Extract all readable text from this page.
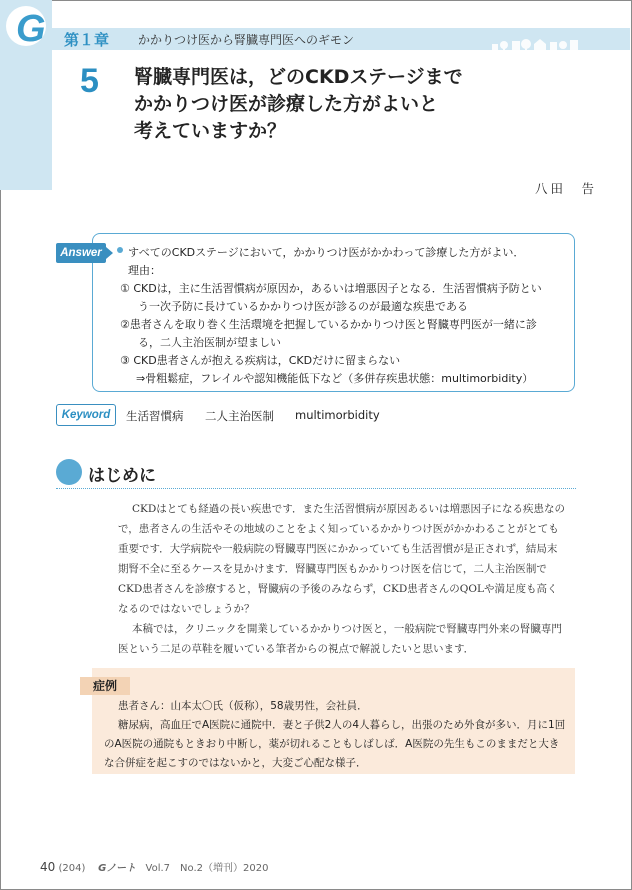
G 第１章 かかりつけ医から腎臓専門医へのギモン
5 腎臓専門医は，どのCKDステージまで
かかりつけ医が診療した方がよいと
考えていますか？
八田　告
Answer	すべてのCKDステージにおいて，かかりつけ医がかかわって診療した方がよい．
理由：
① CKDは，主に生活習慣病が原因か，あるいは増悪因子となる．生活習慣病予防とい
う一次予防に長けているかかりつけ医が診るのが最適な疾患である
②患者さんを取り巻く生活環境を把握しているかかりつけ医と腎臓専門医が一緒に診
る，二人主治医制が望ましい
③ CKD患者さんが抱える疾病は，CKDだけに留まらない
⇒骨粗鬆症，フレイルや認知機能低下など（多併存疾患状態：multimorbidity）
Keyword	生活習慣病 二人主治医制 multimorbidity
はじめに
CKDはとても経過の長い疾患です．また生活習慣病が原因あるいは増悪因子になる疾患なの
で，患者さんの生活やその地域のことをよく知っているかかりつけ医がかかわることがとても
重要です．大学病院や一般病院の腎臓専門医にかかっていても生活習慣が是正されず，結局末
期腎不全に至るケースを見かけます．腎臓専門医もかかりつけ医を信じて，二人主治医制で
CKD患者さんを診療すると，腎臓病の予後のみならず，CKD患者さんのQOLや満足度も高く
なるのではないでしょうか？
本稿では，クリニックを開業しているかかりつけ医と，一般病院で腎臓専門外来の腎臓専門
医という二足の草鞋を履いている筆者からの視点で解説したいと思います．
症例
患者さん：山本太〇氏（仮称），58歳男性，会社員．
糖尿病，高血圧でA医院に通院中．妻と子供2人の4人暮らし，出張のため外食が多い．月に1回
のA医院の通院もときおり中断し，薬が切れることもしばしば．A医院の先生もこのままだと大き
な合併症を起こすのではないかと，大変ご心配な様子．
40 (204) Gノート Vol.7　No.2（増刊）2020
